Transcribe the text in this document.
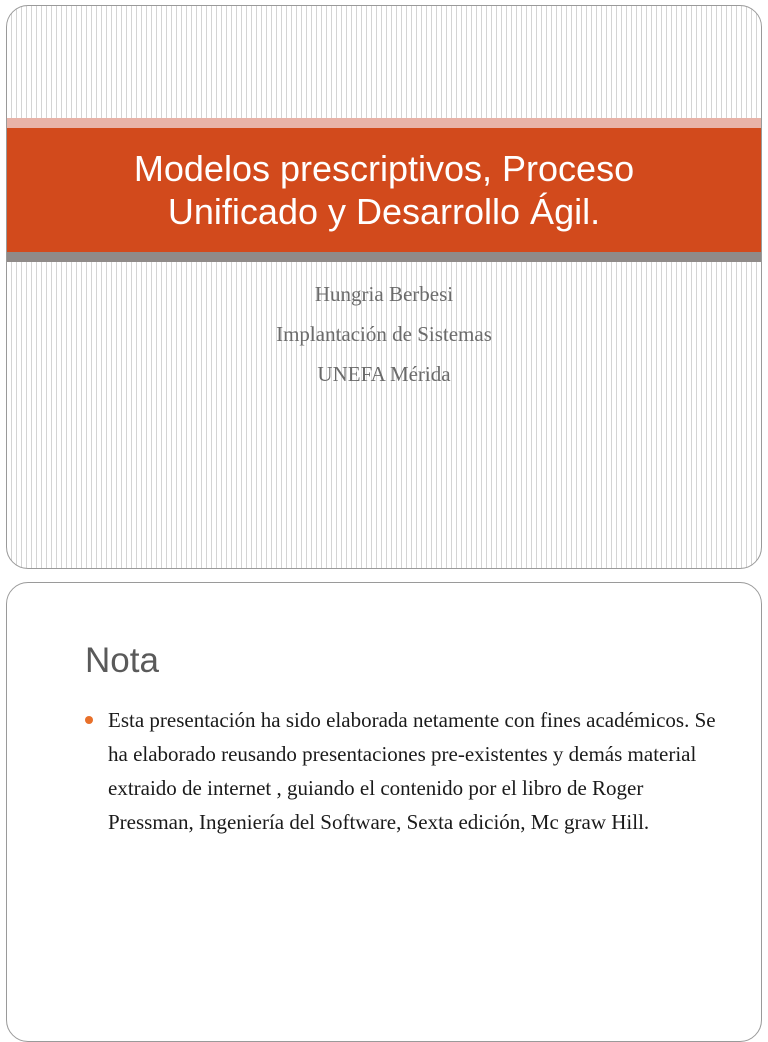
Modelos prescriptivos, Proceso
Unificado y Desarrollo Ágil.
Hungria Berbesi
Implantación de Sistemas
UNEFA Mérida
Nota
Esta presentación ha sido elaborada netamente con fines académicos. Se ha elaborado reusando presentaciones pre-existentes y demás material extraido de internet , guiando el contenido por el libro de Roger Pressman, Ingeniería del Software, Sexta edición, Mc graw Hill.
